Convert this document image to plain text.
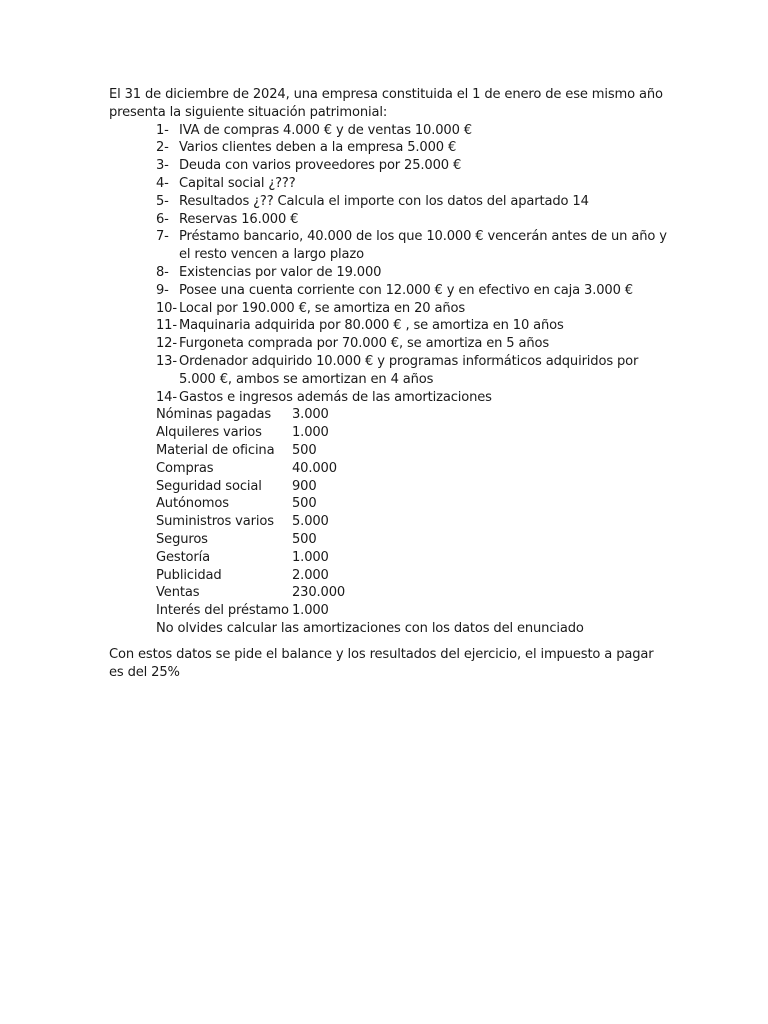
El 31 de diciembre de 2024, una empresa constituida el 1 de enero de ese mismo año
presenta la siguiente situación patrimonial:
1- IVA de compras 4.000 € y de ventas 10.000 €
2- Varios clientes deben a la empresa 5.000 €
3- Deuda con varios proveedores por 25.000 €
4- Capital social ¿???
5- Resultados ¿?? Calcula el importe con los datos del apartado 14
6- Reservas 16.000 €
7- Préstamo bancario, 40.000 de los que 10.000 € vencerán antes de un año y el resto vencen a largo plazo
8- Existencias por valor de 19.000
9- Posee una cuenta corriente con 12.000 € y en efectivo en caja 3.000 €
10- Local por 190.000 €, se amortiza en 20 años
11- Maquinaria adquirida por 80.000 € , se amortiza en 10 años
12- Furgoneta comprada por 70.000 €, se amortiza en 5 años
13- Ordenador adquirido 10.000 € y programas informáticos adquiridos por 5.000 €, ambos se amortizan en 4 años
14- Gastos e ingresos además de las amortizaciones
Nóminas pagadas	3.000
Alquileres varios	1.000
Material de oficina	500
Compras	40.000
Seguridad social	900
Autónomos	500
Suministros varios	5.000
Seguros	500
Gestoría	1.000
Publicidad	2.000
Ventas	230.000
Interés del préstamo 1.000
No olvides calcular las amortizaciones con los datos del enunciado
Con estos datos se pide el balance y los resultados del ejercicio, el impuesto a pagar es del 25%
